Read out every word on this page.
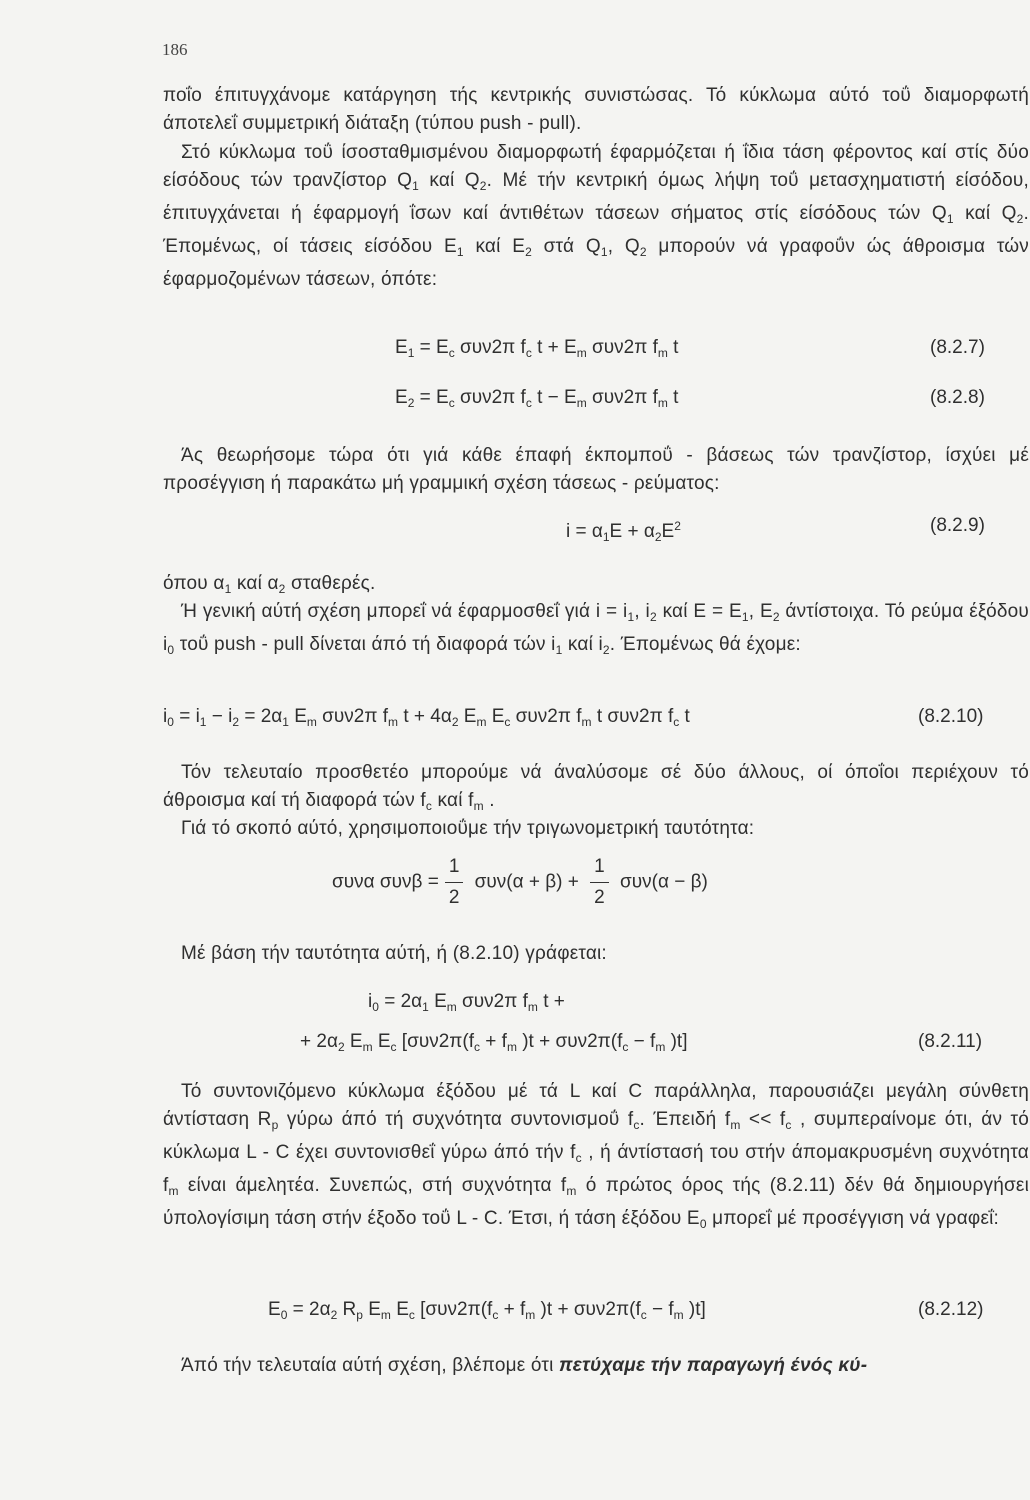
186

ποΐο έπιτυγχάνομε κατάργηση τής κεντρικής συνιστώσας. Τό κύκλωμα αύτό τοΰ διαμορφωτή άποτελεΐ συμμετρική διάταξη (τύπου push - pull).

Στό κύκλωμα τοΰ ίσοσταθμισμένου διαμορφωτή έφαρμόζεται ή ΐδια τάση φέροντος καί στίς δύο είσόδους τών τρανζίστορ $Q_1$ καί $Q_2$. Μέ τήν κεντρική όμως λήψη τοΰ μετασχηματιστή είσόδου, έπιτυγχάνεται ή έφαρμογή ΐσων καί άντιθέτων τάσεων σήματος στίς είσόδους τών $Q_1$ καί $Q_2$. Έπομένως, οί τάσεις είσόδου $E_1$ καί $E_2$ στά $Q_1$, $Q_2$ μπορούν νά γραφοΰν ώς άθροισμα τών έφαρμοζομένων τάσεων, όπότε:

$E_1 = E_c$ συν2π $f_c$ $t + E_m$ συν2π $f_m$ t	(8.2.7)
$E_2 = E_c$ συν2π $f_c$ $t - E_m$ συν2π $f_m$ t	(8.2.8)

Άς θεωρήσομε τώρα ότι γιά κάθε έπαφή έκπομποΰ - βάσεως τών τρανζίστορ, ίσχύει μέ προσέγγιση ή παρακάτω μή γραμμική σχέση τάσεως - ρεύματος:

$i = \alpha_1E + \alpha_2E^2$	(8.2.9)

όπου $\alpha_1$ καί $\alpha_2$ σταθερές.

Ή γενική αύτή σχέση μπορεΐ νά έφαρμοσθεΐ γιά $i = i_1$, $i_2$ καί $E = E_1$, $E_2$ άντίστοιχα. Τό ρεύμα έξόδου $i_0$ τοΰ push - pull δίνεται άπό τή διαφορά τών $i_1$ καί $i_2$. Έπομένως θά έχομε:

$i_0 = i_1 - i_2 = 2\alpha_1$ $E_m$ συν2π $f_m$ $t + 4\alpha_2$ $E_m$ $E_c$ συν2π $f_m$ t συν2π $f_c$ t	(8.2.10)

Τόν τελευταίο προσθετέο μπορούμε νά άναλύσομε σέ δύο άλλους, οί όποΐοι περιέχουν τό άθροισμα καί τή διαφορά τών $f_c$ καί $f_m$ .

Γιά τό σκοπό αύτό, χρησιμοποιοΰμε τήν τριγωνομετρική ταυτότητα:

συνα $\sigma\upsilon\nu\beta = \frac{1}{2} \sigma\upsilon\nu(\alpha + \beta) + \frac{1}{2} \sigma\upsilon\nu(\alpha - \beta)$

Μέ βάση τήν ταυτότητα αύτή, ή (8.2.10) γράφεται:

$i_0 = 2\alpha_1$ $E_m$ συν2π $f_m$ t +
+ $2\alpha_2$ $E_m$ $E_c$ [$\sigma\upsilon\nu 2\pi(f_c + f_m$ )$t + \sigma\upsilon\nu 2\pi(f_c - f_m$ )t]	(8.2.11)

Τό συντονιζόμενο κύκλωμα έξόδου μέ τά L καί C παράλληλα, παρουσιάζει μεγάλη σύνθετη άντίσταση $R_p$ γύρω άπό τή συχνότητα συντονισμοΰ $f_c$. Έπειδή $f_m << f_c$ , συμπεραίνομε ότι, άν τό κύκλωμα L - C έχει συντονισθεΐ γύρω άπό τήν $f_c$ , ή άντίστασή του στήν άπομακρυσμένη συχνότητα $f_m$ είναι άμελητέα. Συνεπώς, στή συχνότητα $f_m$ ό πρώτος όρος τής (8.2.11) δέν θά δημιουργήσει ύπολογίσιμη τάση στήν έξοδο τοΰ L - C. Έτσι, ή τάση έξόδου $E_0$ μπορεΐ μέ προσέγγιση νά γραφεΐ:

$E_0 = 2\alpha_2$ $R_p$ $E_m$ $E_c$ [$\sigma\upsilon\nu 2\pi(f_c + f_m$ )$t + \sigma\upsilon\nu 2\pi(f_c - f_m$ )t]	(8.2.12)

Άπό τήν τελευταία αύτή σχέση, βλέπομε ότι πετύχαμε τήν παραγωγή ένός κύ-
